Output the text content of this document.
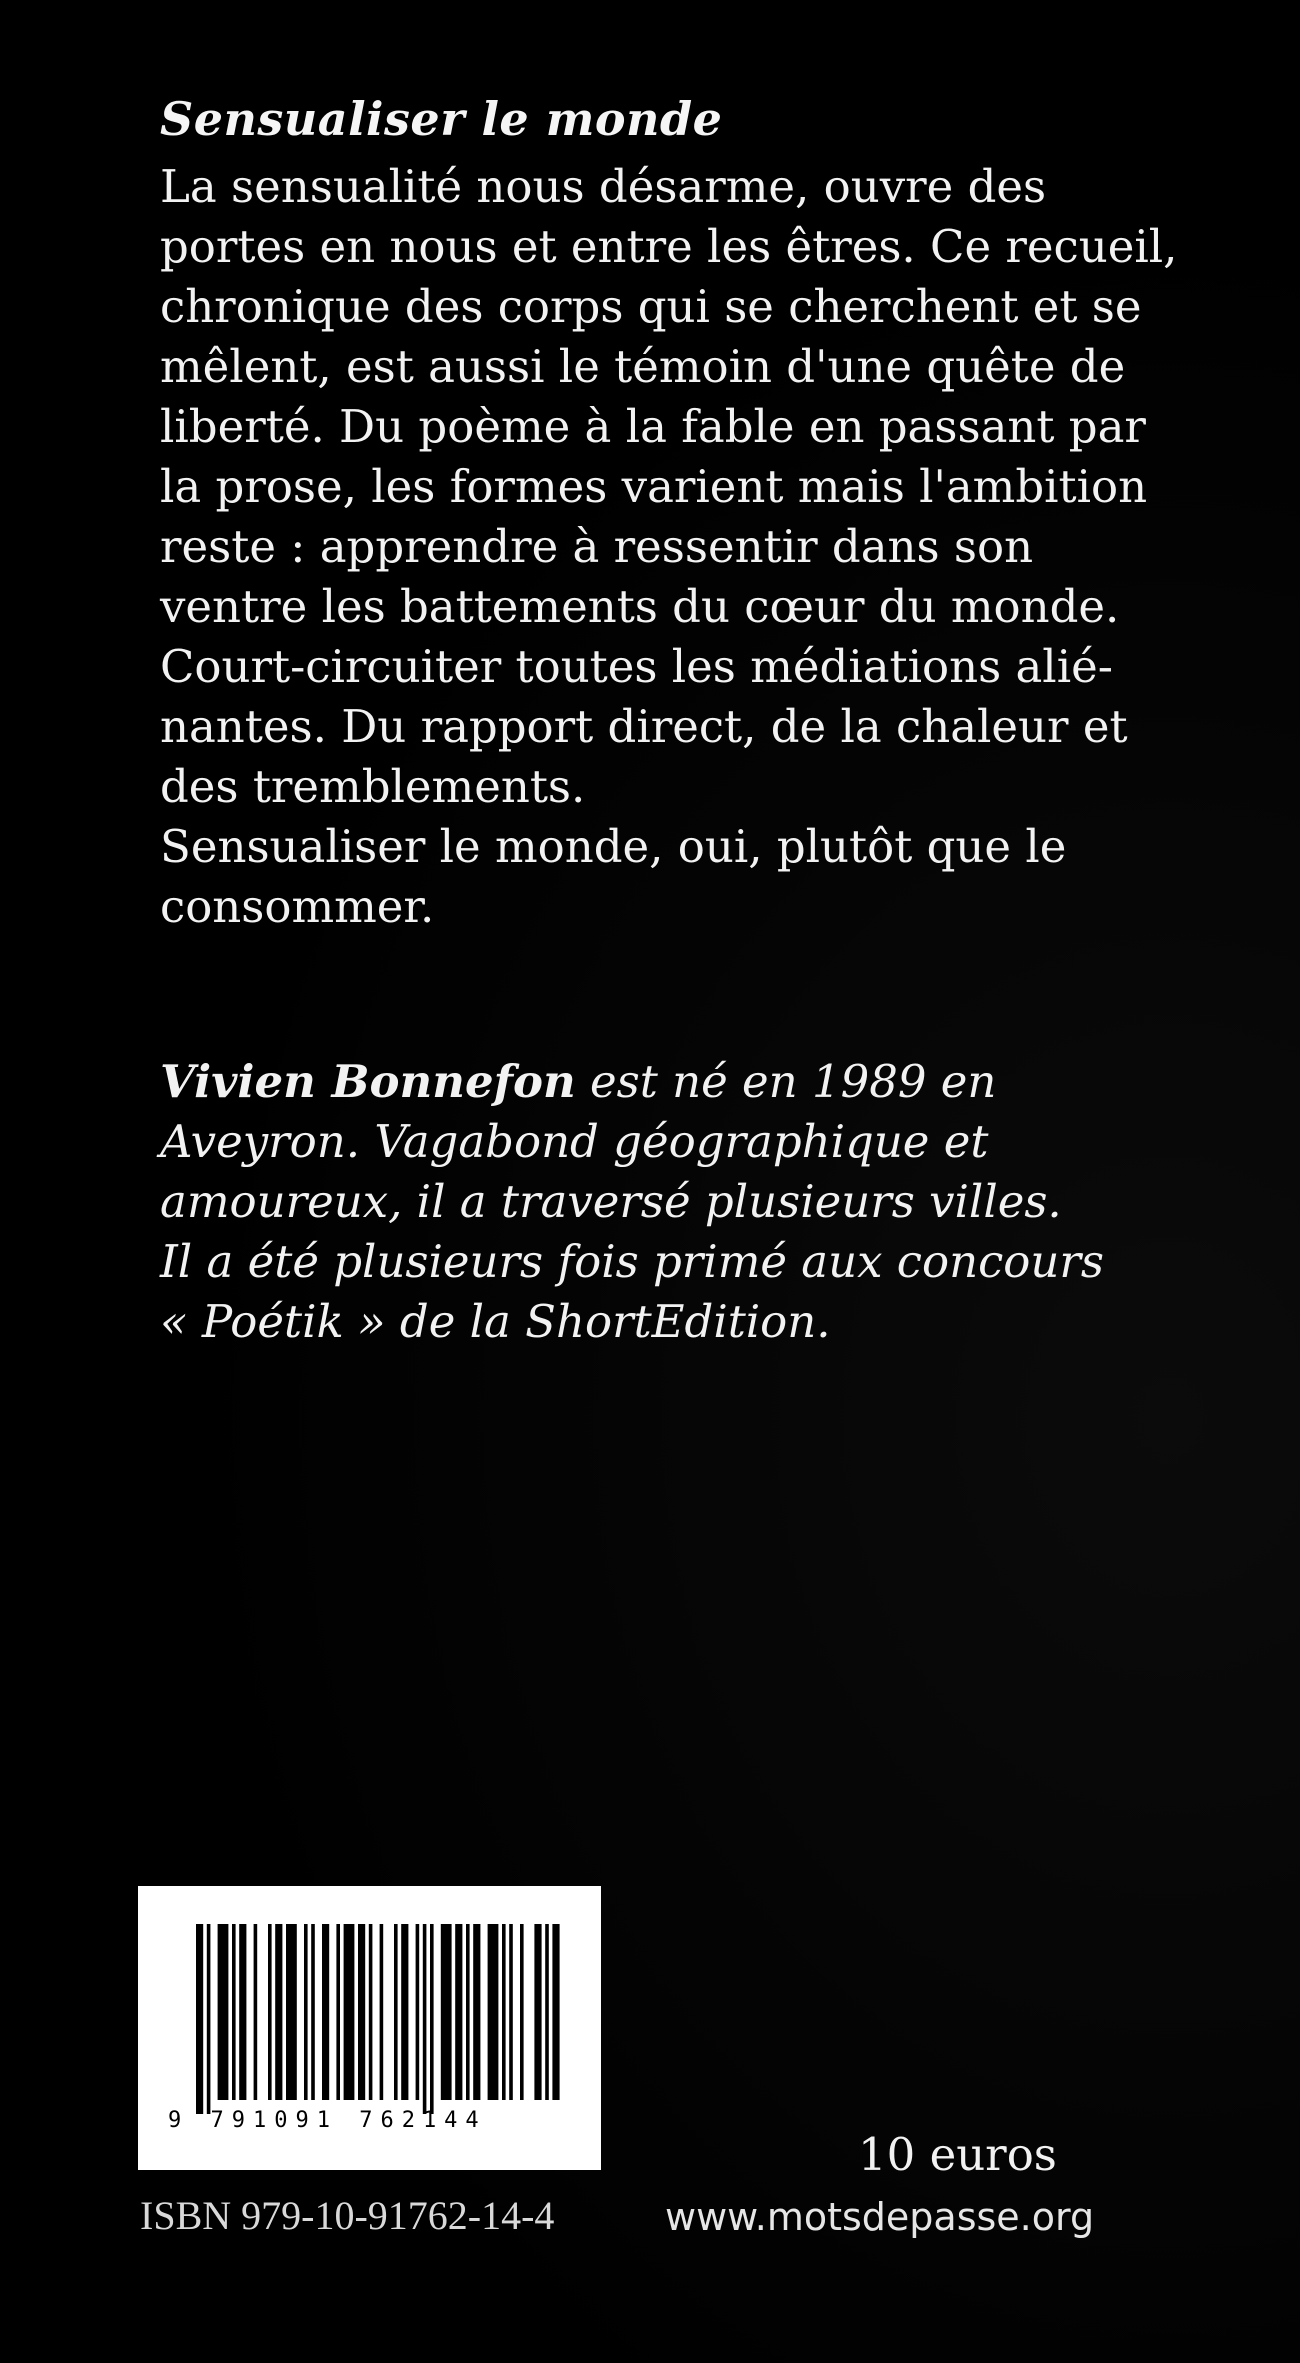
Sensualiser le monde
La sensualité nous désarme, ouvre des
portes en nous et entre les êtres. Ce recueil,
chronique des corps qui se cherchent et se
mêlent, est aussi le témoin d'une quête de
liberté. Du poème à la fable en passant par
la prose, les formes varient mais l'ambition
reste : apprendre à ressentir dans son
ventre les battements du cœur du monde.
Court-circuiter toutes les médiations alié-
nantes. Du rapport direct, de la chaleur et
des tremblements.
Sensualiser le monde, oui, plutôt que le
consommer.
Vivien Bonnefon est né en 1989 en
Aveyron. Vagabond géographique et
amoureux, il a traversé plusieurs villes.
Il a été plusieurs fois primé aux concours
« Poétik » de la ShortEdition.
9 791091 762144
10 euros
ISBN 979-10-91762-14-4	www.motsdepasse.org
